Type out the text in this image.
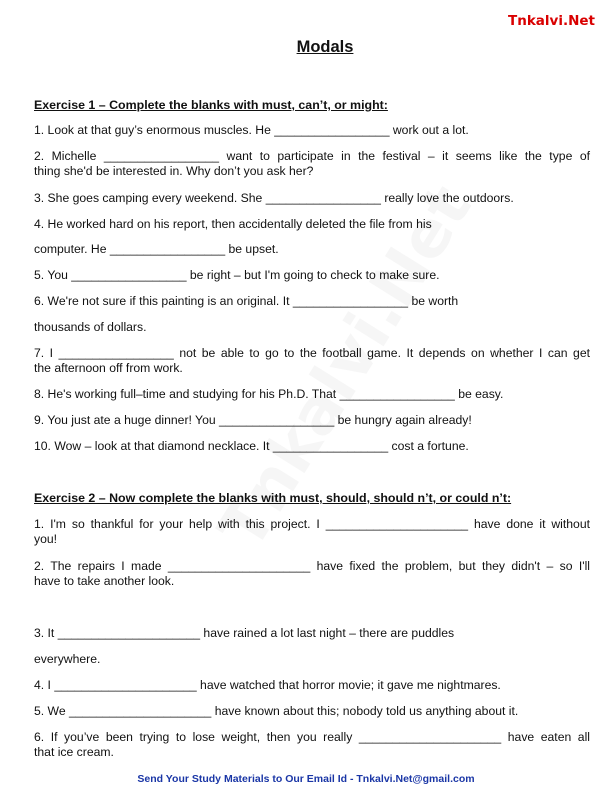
Tnkalvi.Net
Modals
Exercise 1 – Complete the blanks with must, can’t, or might:
1. Look at that guy’s enormous muscles. He _________________ work out a lot.
2. Michelle _________________ want to participate in the festival – it seems like the type of
thing she'd be interested in. Why don’t you ask her?
3. She goes camping every weekend. She _________________ really love the outdoors.
4. He worked hard on his report, then accidentally deleted the file from his
computer. He _________________ be upset.
5. You _________________ be right – but I'm going to check to make sure.
6. We're not sure if this painting is an original. It _________________ be worth
thousands of dollars.
7. I _________________ not be able to go to the football game. It depends on whether I can get
the afternoon off from work.
8. He's working full–time and studying for his Ph.D. That _________________ be easy.
9. You just ate a huge dinner! You _________________ be hungry again already!
10. Wow – look at that diamond necklace. It _________________ cost a fortune.
Exercise 2 – Now complete the blanks with must, should, should n’t, or could n’t:
1. I'm so thankful for your help with this project. I _____________________ have done it without
you!
2. The repairs I made _____________________ have fixed the problem, but they didn't – so I'll
have to take another look.
3. It _____________________ have rained a lot last night – there are puddles
everywhere.
4. I _____________________ have watched that horror movie; it gave me nightmares.
5. We _____________________ have known about this; nobody told us anything about it.
6. If you’ve been trying to lose weight, then you really _____________________ have eaten all
that ice cream.
Send Your Study Materials to Our Email Id - Tnkalvi.Net@gmail.com
